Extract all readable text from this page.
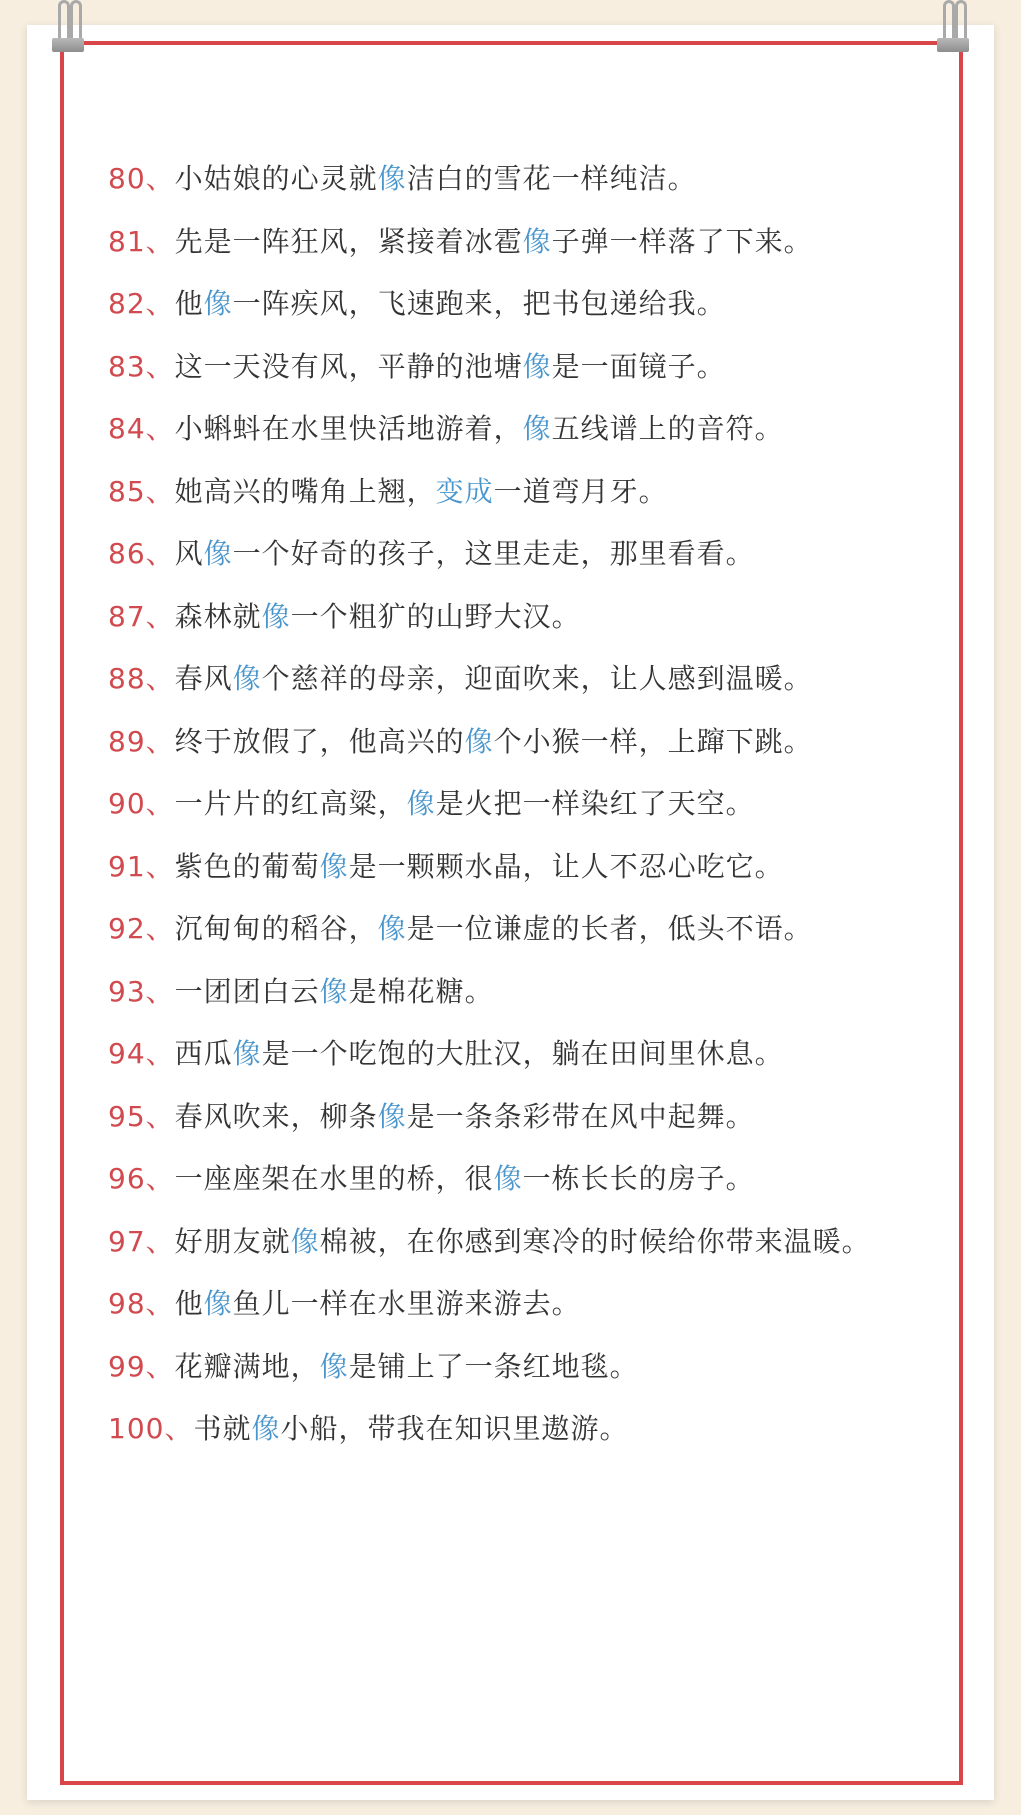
80、小姑娘的心灵就像洁白的雪花一样纯洁。
81、先是一阵狂风，紧接着冰雹像子弹一样落了下来。
82、他像一阵疾风，飞速跑来，把书包递给我。
83、这一天没有风，平静的池塘像是一面镜子。
84、小蝌蚪在水里快活地游着，像五线谱上的音符。
85、她高兴的嘴角上翘，变成一道弯月牙。
86、风像一个好奇的孩子，这里走走，那里看看。
87、森林就像一个粗犷的山野大汉。
88、春风像个慈祥的母亲，迎面吹来，让人感到温暖。
89、终于放假了，他高兴的像个小猴一样，上蹿下跳。
90、一片片的红高粱，像是火把一样染红了天空。
91、紫色的葡萄像是一颗颗水晶，让人不忍心吃它。
92、沉甸甸的稻谷，像是一位谦虚的长者，低头不语。
93、一团团白云像是棉花糖。
94、西瓜像是一个吃饱的大肚汉，躺在田间里休息。
95、春风吹来，柳条像是一条条彩带在风中起舞。
96、一座座架在水里的桥，很像一栋长长的房子。
97、好朋友就像棉被，在你感到寒冷的时候给你带来温暖。
98、他像鱼儿一样在水里游来游去。
99、花瓣满地，像是铺上了一条红地毯。
100、书就像小船，带我在知识里遨游。
